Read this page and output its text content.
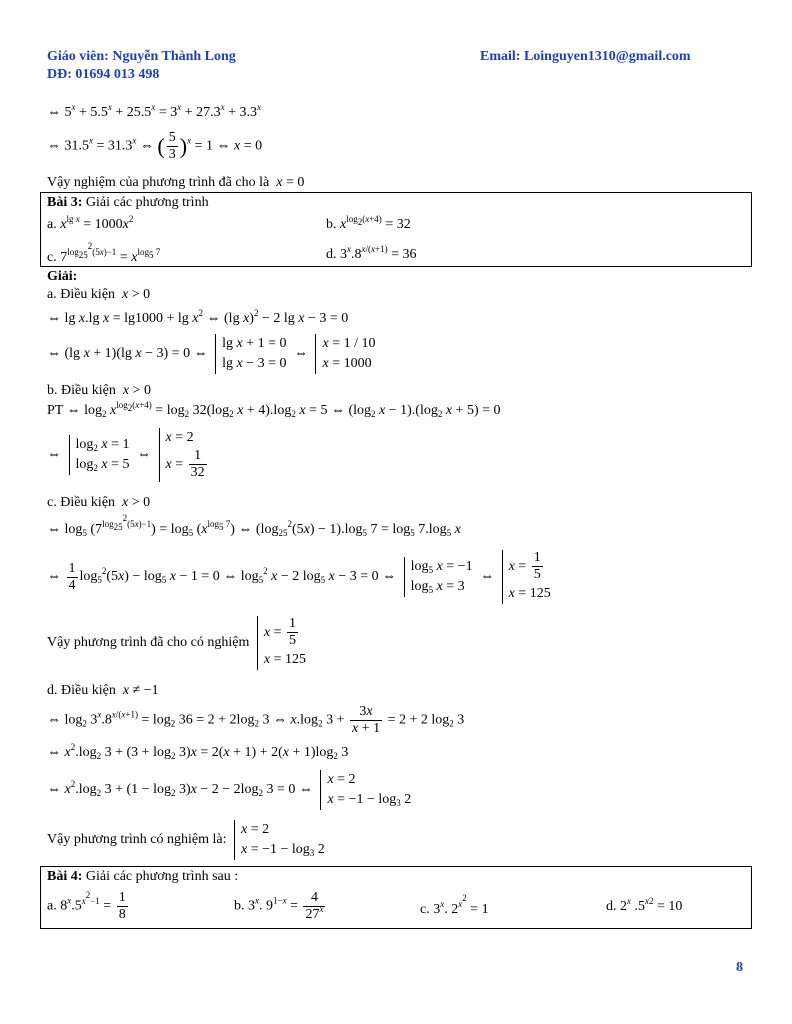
Giáo viên: Nguyễn Thành Long	Email: Loinguyen1310@gmail.com
DĐ: 01694 013 498
⇔ $5^x + 5.5^x + 25.5^x = 3^x + 27.3^x + 3.3^x$
⇔ $31.5^x = 31.3^x$ ⇔ ( $\frac{5}{3} )^x = 1$ ⇔ x = 0
Vậy nghiệm của phương trình đã cho là x = 0
Bài 3: Giải các phương trình
a. $x^{lg x} = 1000x^2$	b. $x^{log_2(x+4)} = 32$
c. $7^{log_{25}^2(5x)-1} = x^{log_5 7}$	d. $3^x.8^{x/(x+1)} = 36$
Giải:
a. Điều kiện x > 0
⇔ lg x.lg $x = \lg 1000 + \lg x^2$ ⇔ (lg x)$^2$ − 2 lg x − 3 = 0
⇔ (lg x + 1)(lg x − 3) = 0 ⇔
lg x + 1 = 0
lg x − 3 = 0
⇔
x = 1 / 10
x = 1000
b. Điều kiện x > 0
PT ⇔ $\log_2 x^{log_2(x+4)} = \log_2 32(\log_2$ $x + 4).\log_2$ x = 5 ⇔ ($\log_2$ $x - 1).(\log_2$ x + 5) = 0
⇔
$\log_2 x = 1$
$\log_2 x = 5$
⇔
x = 2
$x = \frac{1}{32}$
c. Điều kiện x > 0
⇔ $\log_5 (7^{log_{25}^2(5x)-1}) = \log_5 (x^{log_5 7})$ ⇔ $(\log_{25}^2(5x) - 1).\log_5$ $7 = \log_5 7.\log_5$ x
⇔ $\frac{1}{4} \log_5^2(5x) - \log_5 x - 1 = 0$ ⇔ $\log_5^2 x - 2$ $\log_5 x - 3 = 0$ ⇔
$\log_5 x = -1$
$\log_5 x = 3$
⇔
$x = \frac{1}{5}$
x = 125
Vậy phương trình đã cho có nghiệm
$x = \frac{1}{5}$
x = 125
d. Điều kiện x ≠ −1
⇔ $\log_2 3^x.8^{x/(x+1)} = \log_2 36 = 2 + 2\log_2$ 3 ⇔ $x.\log_2$ $3 + \frac{3x}{x + 1} = 2 + 2$ $\log_2 3$
⇔ $x^2.\log_2$ $3 + (3 + \log_2 3)x = 2(x + 1) + 2(x + 1)\log_2$ 3
⇔ $x^2.\log_2$ $3 + (1 - \log_2 3)x - 2 - 2\log_2$ 3 = 0 ⇔
x = 2
$x = -1 - \log_3 2$
Vậy phương trình có nghiệm là:
x = 2
$x = -1 - \log_3 2$
Bài 4: Giải các phương trình sau :
a. $8^x.5^{x^2-1} = \frac{1}{8}$	b. 3$^x$. $9^{1-x} = \frac{4}{27^x}$	c. 3$^x$. $2^{x^2} = 1$	d. 2$^x$ $.5^{x2} = 10$
8
